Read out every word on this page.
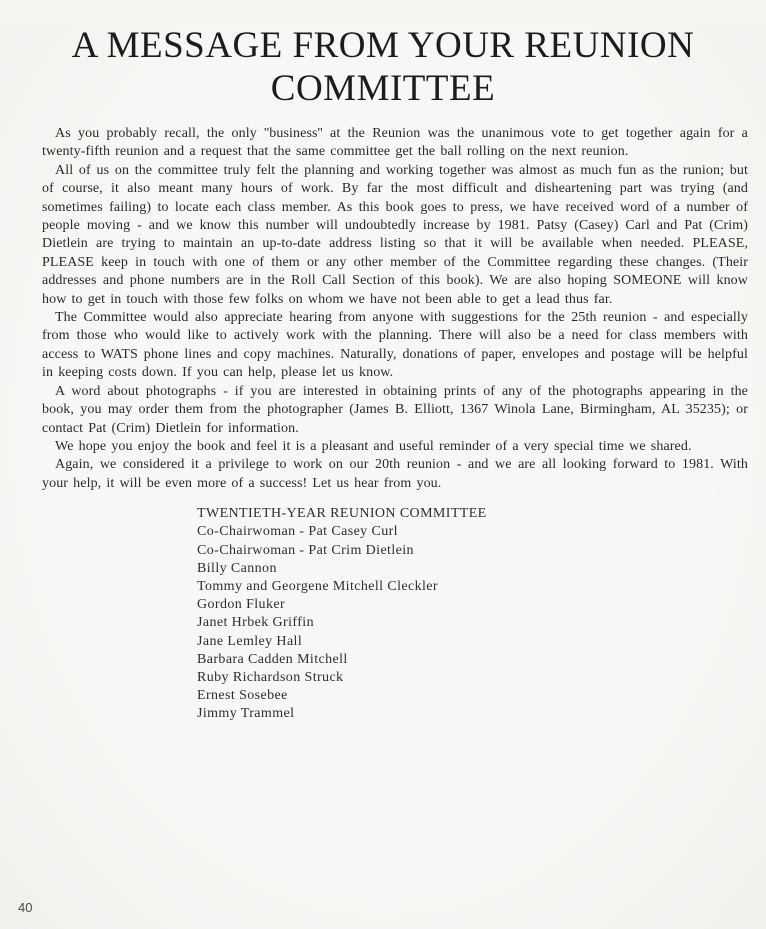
A MESSAGE FROM YOUR REUNION COMMITTEE

As you probably recall, the only ''business'' at the Reunion was the unanimous vote to get together again for a twenty-fifth reunion and a request that the same committee get the ball rolling on the next reunion.

All of us on the committee truly felt the planning and working together was almost as much fun as the runion; but of course, it also meant many hours of work. By far the most difficult and disheartening part was trying (and sometimes failing) to locate each class member. As this book goes to press, we have received word of a number of people moving - and we know this number will undoubtedly increase by 1981. Patsy (Casey) Carl and Pat (Crim) Dietlein are trying to maintain an up-to-date address listing so that it will be available when needed. PLEASE, PLEASE keep in touch with one of them or any other member of the Committee regarding these changes. (Their addresses and phone numbers are in the Roll Call Section of this book). We are also hoping SOMEONE will know how to get in touch with those few folks on whom we have not been able to get a lead thus far.

The Committee would also appreciate hearing from anyone with suggestions for the 25th reunion - and especially from those who would like to actively work with the planning. There will also be a need for class members with access to WATS phone lines and copy machines. Naturally, donations of paper, envelopes and postage will be helpful in keeping costs down. If you can help, please let us know.

A word about photographs - if you are interested in obtaining prints of any of the photographs appearing in the book, you may order them from the photographer (James B. Elliott, 1367 Winola Lane, Birmingham, AL 35235); or contact Pat (Crim) Dietlein for information.

We hope you enjoy the book and feel it is a pleasant and useful reminder of a very special time we shared.

Again, we considered it a privilege to work on our 20th reunion - and we are all looking forward to 1981. With your help, it will be even more of a success! Let us hear from you.

TWENTIETH-YEAR REUNION COMMITTEE
Co-Chairwoman - Pat Casey Curl
Co-Chairwoman - Pat Crim Dietlein
Billy Cannon
Tommy and Georgene Mitchell Cleckler
Gordon Fluker
Janet Hrbek Griffin
Jane Lemley Hall
Barbara Cadden Mitchell
Ruby Richardson Struck
Ernest Sosebee
Jimmy Trammel
40
